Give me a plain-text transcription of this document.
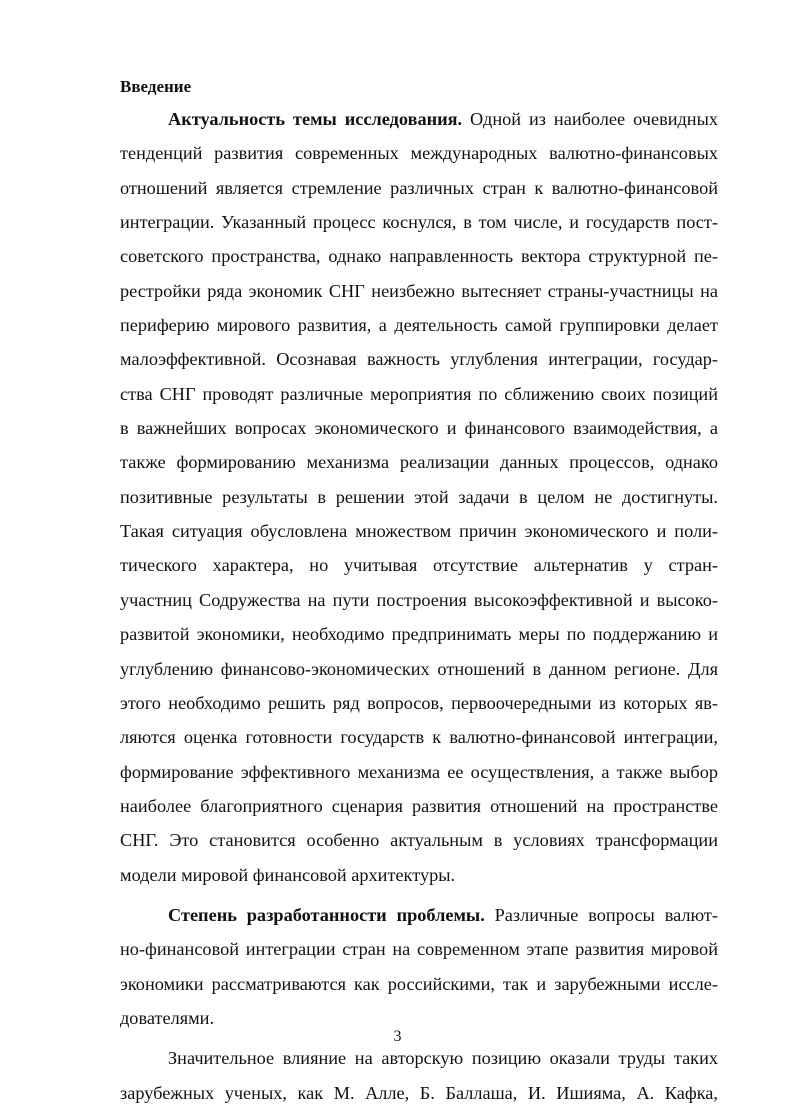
Введение
Актуальность темы исследования. Одной из наиболее очевидных
тенденций развития современных международных валютно-финансовых
отношений является стремление различных стран к валютно-финансовой
интеграции. Указанный процесс коснулся, в том числе, и государств пост-
советского пространства, однако направленность вектора структурной пе-
рестройки ряда экономик СНГ неизбежно вытесняет страны-участницы на
периферию мирового развития, а деятельность самой группировки делает
малоэффективной. Осознавая важность углубления интеграции, государ-
ства СНГ проводят различные мероприятия по сближению своих позиций
в важнейших вопросах экономического и финансового взаимодействия, а
также формированию механизма реализации данных процессов, однако
позитивные результаты в решении этой задачи в целом не достигнуты.
Такая ситуация обусловлена множеством причин экономического и поли-
тического характера, но учитывая отсутствие альтернатив у стран-
участниц Содружества на пути построения высокоэффективной и высоко-
развитой экономики, необходимо предпринимать меры по поддержанию и
углублению финансово-экономических отношений в данном регионе. Для
этого необходимо решить ряд вопросов, первоочередными из которых яв-
ляются оценка готовности государств к валютно-финансовой интеграции,
формирование эффективного механизма ее осуществления, а также выбор
наиболее благоприятного сценария развития отношений на пространстве
СНГ. Это становится особенно актуальным в условиях трансформации
модели мировой финансовой архитектуры.
Степень разработанности проблемы. Различные вопросы валют-
но-финансовой интеграции стран на современном этапе развития мировой
экономики рассматриваются как российскими, так и зарубежными иссле-
дователями.
Значительное влияние на авторскую позицию оказали труды таких
зарубежных ученых, как М. Алле, Б. Баллаша, И. Ишияма, А. Кафка,
3
